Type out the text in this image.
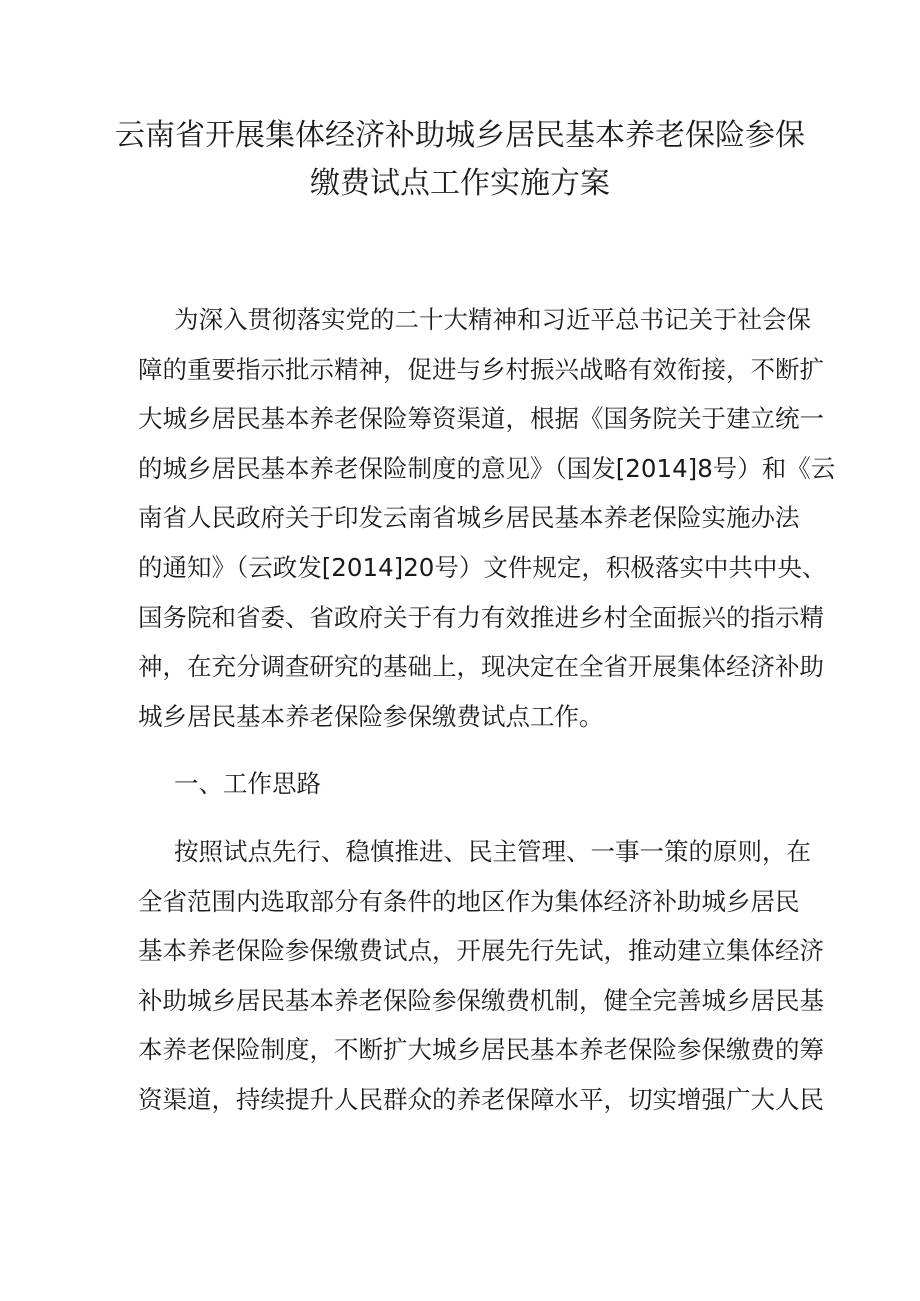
云南省开展集体经济补助城乡居民基本养老保险参保
缴费试点工作实施方案
为深入贯彻落实党的二十大精神和习近平总书记关于社会保
障的重要指示批示精神，促进与乡村振兴战略有效衔接，不断扩
大城乡居民基本养老保险筹资渠道，根据《国务院关于建立统一
的城乡居民基本养老保险制度的意见》（国发[2014]8号）和《云
南省人民政府关于印发云南省城乡居民基本养老保险实施办法
的通知》（云政发[2014]20号）文件规定，积极落实中共中央、
国务院和省委、省政府关于有力有效推进乡村全面振兴的指示精
神，在充分调查研究的基础上，现决定在全省开展集体经济补助
城乡居民基本养老保险参保缴费试点工作。
一、工作思路
按照试点先行、稳慎推进、民主管理、一事一策的原则，在
全省范围内选取部分有条件的地区作为集体经济补助城乡居民
基本养老保险参保缴费试点，开展先行先试，推动建立集体经济
补助城乡居民基本养老保险参保缴费机制，健全完善城乡居民基
本养老保险制度，不断扩大城乡居民基本养老保险参保缴费的筹
资渠道，持续提升人民群众的养老保障水平，切实增强广大人民
